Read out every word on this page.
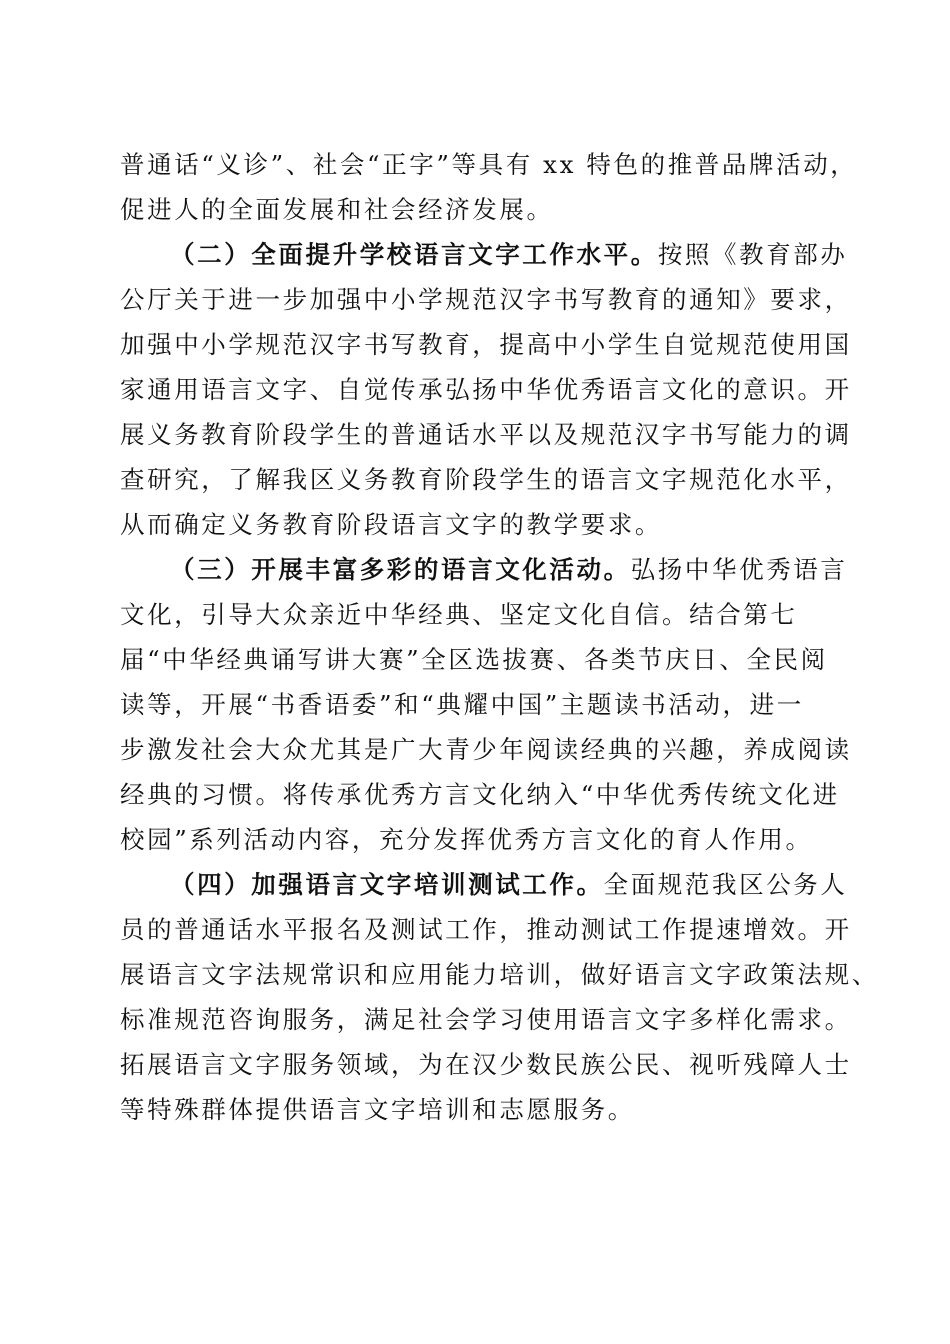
普通话“义诊”、社会“正字”等具有 xx 特色的推普品牌活动，
促进人的全面发展和社会经济发展。
（二）全面提升学校语言文字工作水平。按照《教育部办
公厅关于进一步加强中小学规范汉字书写教育的通知》要求，
加强中小学规范汉字书写教育，提高中小学生自觉规范使用国
家通用语言文字、自觉传承弘扬中华优秀语言文化的意识。开
展义务教育阶段学生的普通话水平以及规范汉字书写能力的调
查研究，了解我区义务教育阶段学生的语言文字规范化水平，
从而确定义务教育阶段语言文字的教学要求。
（三）开展丰富多彩的语言文化活动。弘扬中华优秀语言
文化，引导大众亲近中华经典、坚定文化自信。结合第七
届“中华经典诵写讲大赛”全区选拔赛、各类节庆日、全民阅
读等，开展“书香语委”和“典耀中国”主题读书活动，进一
步激发社会大众尤其是广大青少年阅读经典的兴趣，养成阅读
经典的习惯。将传承优秀方言文化纳入“中华优秀传统文化进
校园”系列活动内容，充分发挥优秀方言文化的育人作用。
（四）加强语言文字培训测试工作。全面规范我区公务人
员的普通话水平报名及测试工作，推动测试工作提速增效。开
展语言文字法规常识和应用能力培训，做好语言文字政策法规、
标准规范咨询服务，满足社会学习使用语言文字多样化需求。
拓展语言文字服务领域，为在汉少数民族公民、视听残障人士
等特殊群体提供语言文字培训和志愿服务。
